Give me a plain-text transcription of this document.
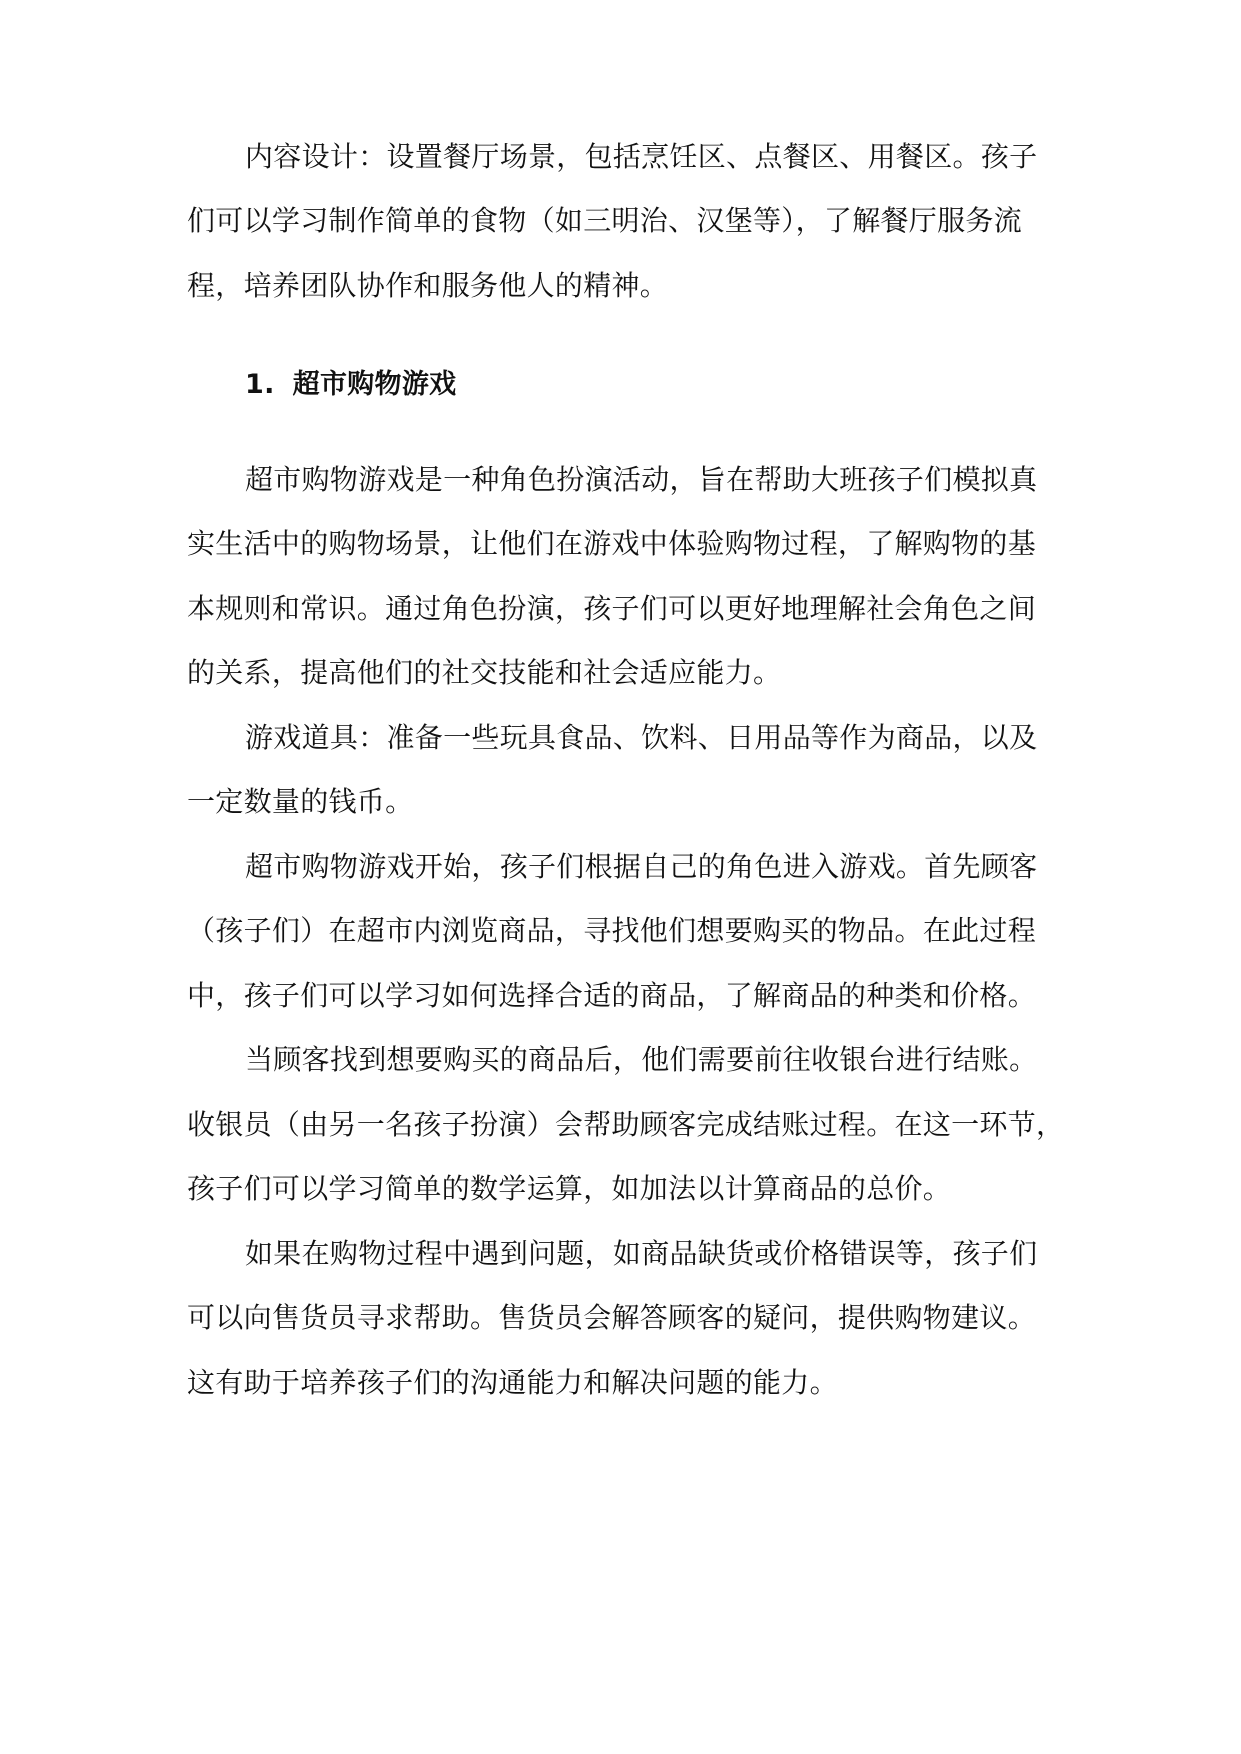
内容设计：设置餐厅场景，包括烹饪区、点餐区、用餐区。孩子

们可以学习制作简单的食物（如三明治、汉堡等），了解餐厅服务流

程，培养团队协作和服务他人的精神。

1. 超市购物游戏

超市购物游戏是一种角色扮演活动，旨在帮助大班孩子们模拟真

实生活中的购物场景，让他们在游戏中体验购物过程，了解购物的基

本规则和常识。通过角色扮演，孩子们可以更好地理解社会角色之间

的关系，提高他们的社交技能和社会适应能力。

游戏道具：准备一些玩具食品、饮料、日用品等作为商品，以及

一定数量的钱币。

超市购物游戏开始，孩子们根据自己的角色进入游戏。首先顾客

（孩子们）在超市内浏览商品，寻找他们想要购买的物品。在此过程

中，孩子们可以学习如何选择合适的商品，了解商品的种类和价格。

当顾客找到想要购买的商品后，他们需要前往收银台进行结账。

收银员（由另一名孩子扮演）会帮助顾客完成结账过程。在这一环节，

孩子们可以学习简单的数学运算，如加法以计算商品的总价。

如果在购物过程中遇到问题，如商品缺货或价格错误等，孩子们

可以向售货员寻求帮助。售货员会解答顾客的疑问，提供购物建议。

这有助于培养孩子们的沟通能力和解决问题的能力。
